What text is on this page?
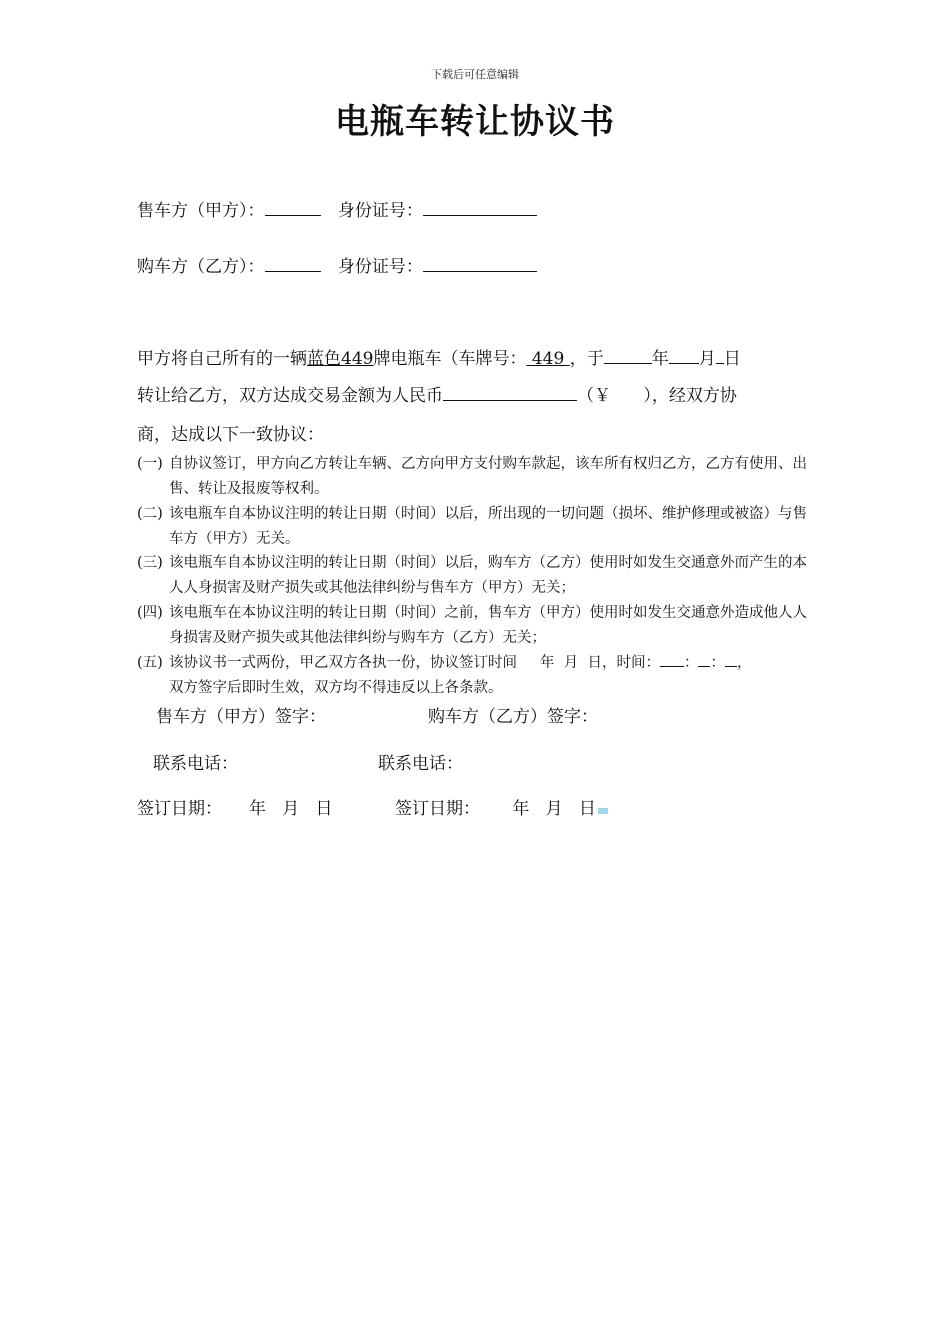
下载后可任意编辑
电瓶车转让协议书
售车方（甲方）：	身份证号：
购车方（乙方）：	身份证号：
甲方将自己所有的一辆蓝色449牌电瓶车（车牌号： 449 ，于	年 月 日
转让给乙方，双方达成交易金额为人民币	（￥      ），经双方协
商，达成以下一致协议：
(一) 自协议签订，甲方向乙方转让车辆、乙方向甲方支付购车款起，该车所有权归乙方，乙方有使用、出售、转让及报废等权利。
(二) 该电瓶车自本协议注明的转让日期（时间）以后，所出现的一切问题（损坏、维护修理或被盗）与售车方（甲方）无关。
(三) 该电瓶车自本协议注明的转让日期（时间）以后，购车方（乙方）使用时如发生交通意外而产生的本人人身损害及财产损失或其他法律纠纷与售车方（甲方）无关；
(四) 该电瓶车在本协议注明的转让日期（时间）之前，售车方（甲方）使用时如发生交通意外造成他人人身损害及财产损失或其他法律纠纷与购车方（乙方）无关；
(五) 该协议书一式两份，甲乙双方各执一份，协议签订时间     年  月  日，时间： ： ： ，
双方签字后即时生效，双方均不得违反以上各条款。
售车方（甲方）签字：	购车方（乙方）签字：
联系电话：	联系电话：
签订日期：     年   月   日	签订日期：      年   月   日
